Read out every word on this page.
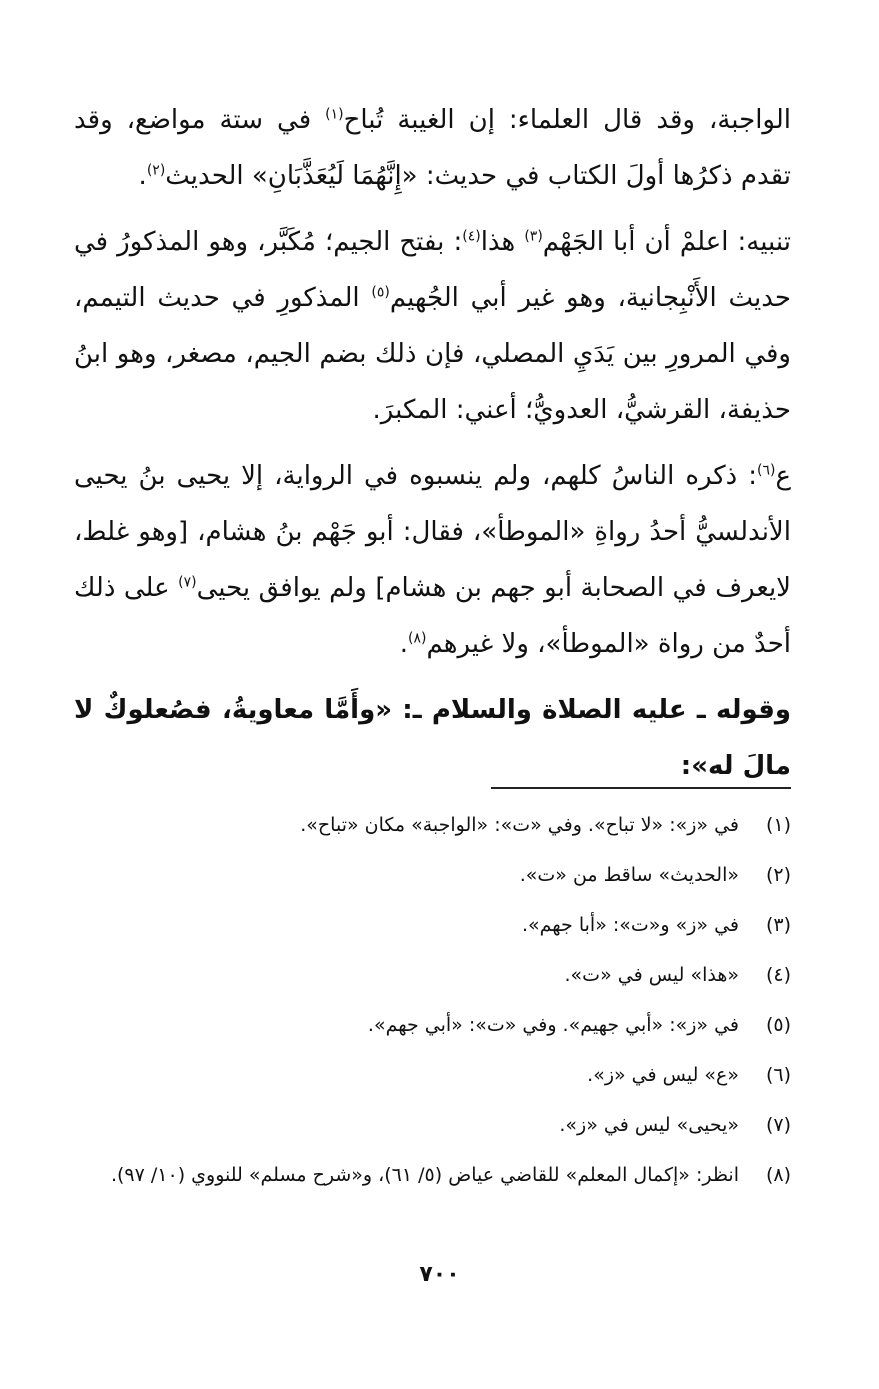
الواجبة، وقد قال العلماء: إن الغيبة تُباح$^{(١)}$ في ستة مواضع، وقد تقدم ذكرُها أولَ الكتاب في حديث: «إِنَّهُمَا لَيُعَذَّبَانِ» الحديث$^{(٢)}$.

تنبيه: اعلمْ أن أبا الجَهْم$^{(٣)}$ هذا$^{(٤)}$: بفتح الجيم؛ مُكَبَّر، وهو المذكورُ في حديث الأَنْبِجانية، وهو غير أبي الجُهيم$^{(٥)}$ المذكورِ في حديث التيمم، وفي المرورِ بين يَدَيِ المصلي، فإن ذلك بضم الجيم، مصغر، وهو ابنُ حذيفة، القرشيُّ، العدويُّ؛ أعني: المكبرَ.

ع$^{(٦)}$: ذكره الناسُ كلهم، ولم ينسبوه في الرواية، إلا يحيى بنُ يحيى الأندلسيُّ أحدُ رواةِ «الموطأ»، فقال: أبو جَهْم بنُ هشام، [وهو غلط، لايعرف في الصحابة أبو جهم بن هشام] ولم يوافق يحيى$^{(٧)}$ على ذلك أحدٌ من رواة «الموطأ»، ولا غيرهم$^{(٨)}$.

وقوله ـ عليه الصلاة والسلام ـ: «وأَمَّا معاويةُ، فصُعلوكٌ لا مالَ له»:

(١)
في «ز»: «لا تباح». وفي «ت»: «الواجبة» مكان «تباح».
(٢)
«الحديث» ساقط من «ت».
(٣)
في «ز» و«ت»: «أبا جهم».
(٤)
«هذا» ليس في «ت».
(٥)
في «ز»: «أبي جهيم». وفي «ت»: «أبي جهم».
(٦)
«ع» ليس في «ز».
(٧)
«يحيى» ليس في «ز».
(٨)
انظر: «إكمال المعلم» للقاضي عياض (٥/ ٦١)، و«شرح مسلم» للنووي (١٠/ ٩٧).
٧٠٠
